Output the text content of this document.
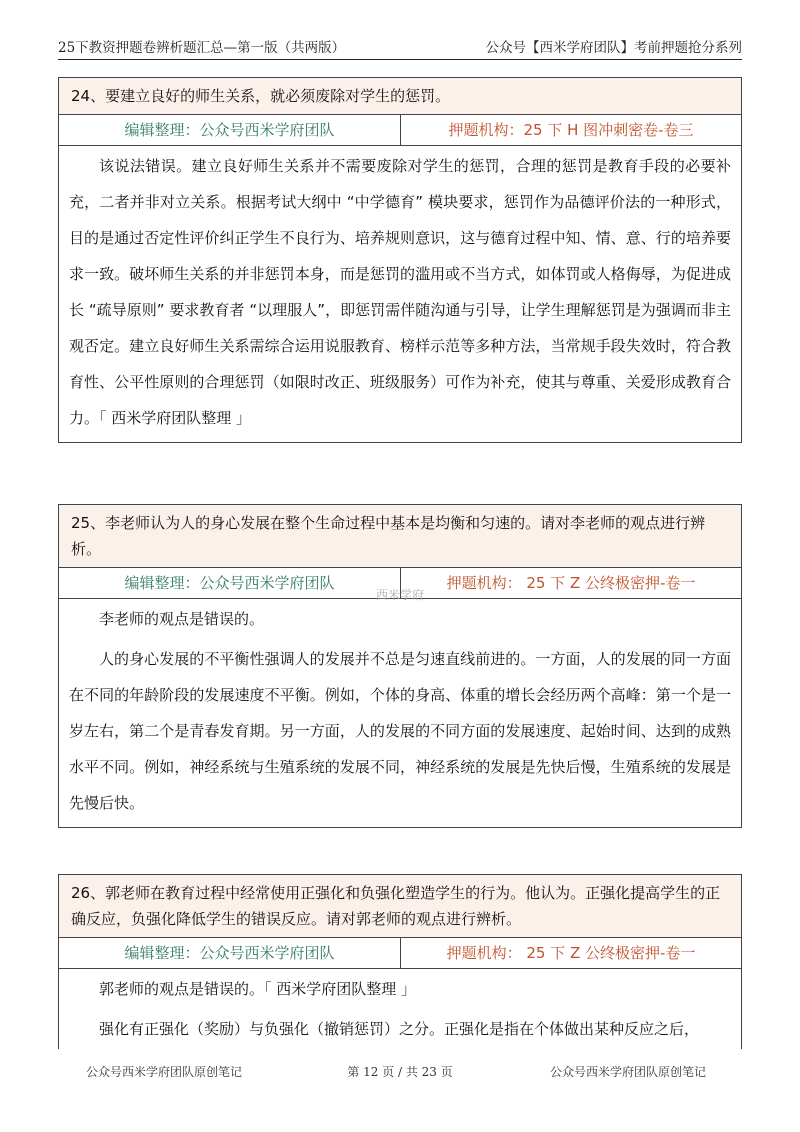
25下教资押题卷辨析题汇总—第一版（共两版）	公众号【西米学府团队】考前押题抢分系列
24、要建立良好的师生关系，就必须废除对学生的惩罚。
编辑整理：公众号西米学府团队	押题机构：25 下 H 图冲刺密卷-卷三

该说法错误。建立良好师生关系并不需要废除对学生的惩罚，合理的惩罚是教育手段的必要补充，二者并非对立关系。根据考试大纲中 “中学德育” 模块要求，惩罚作为品德评价法的一种形式，目的是通过否定性评价纠正学生不良行为、培养规则意识，这与德育过程中知、情、意、行的培养要求一致。破坏师生关系的并非惩罚本身，而是惩罚的滥用或不当方式，如体罚或人格侮辱，为促进成长 “疏导原则” 要求教育者 “以理服人”，即惩罚需伴随沟通与引导，让学生理解惩罚是为强调而非主观否定。建立良好师生关系需综合运用说服教育、榜样示范等多种方法，当常规手段失效时，符合教育性、公平性原则的合理惩罚（如限时改正、班级服务）可作为补充，使其与尊重、关爱形成教育合力。「 西米学府团队整理 」

25、李老师认为人的身心发展在整个生命过程中基本是均衡和匀速的。请对李老师的观点进行辨析。
编辑整理：公众号西米学府团队	押题机构： 25 下 Z 公终极密押-卷一

李老师的观点是错误的。

人的身心发展的不平衡性强调人的发展并不总是匀速直线前进的。一方面，人的发展的同一方面在不同的年龄阶段的发展速度不平衡。例如，个体的身高、体重的增长会经历两个高峰：第一个是一岁左右，第二个是青春发育期。另一方面，人的发展的不同方面的发展速度、起始时间、达到的成熟水平不同。例如，神经系统与生殖系统的发展不同，神经系统的发展是先快后慢，生殖系统的发展是先慢后快。

西米学府
26、郭老师在教育过程中经常使用正强化和负强化塑造学生的行为。他认为。正强化提高学生的正确反应，负强化降低学生的错误反应。请对郭老师的观点进行辨析。
编辑整理：公众号西米学府团队	押题机构： 25 下 Z 公终极密押-卷一

郭老师的观点是错误的。「 西米学府团队整理 」

强化有正强化（奖励）与负强化（撤销惩罚）之分。正强化是指在个体做出某种反应之后，

公众号西米学府团队原创笔记	第 12 页 / 共 23 页	公众号西米学府团队原创笔记
